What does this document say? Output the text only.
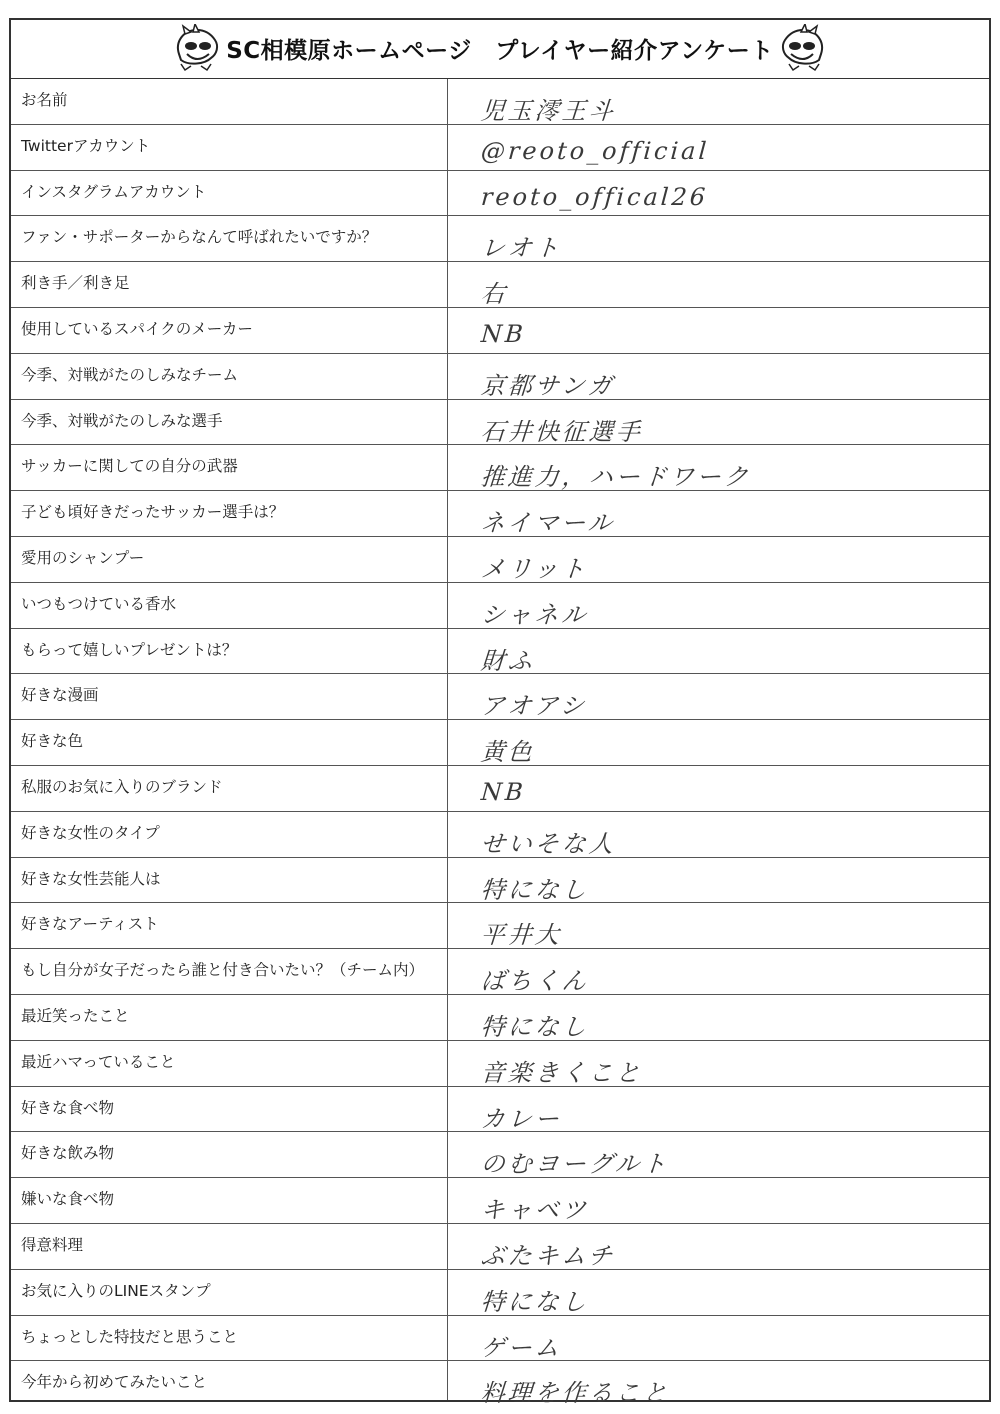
SC相模原ホームページ　プレイヤー紹介アンケート
お名前	児玉澪王斗
Twitterアカウント	@reoto_official
インスタグラムアカウント	reoto_offical26
ファン・サポーターからなんて呼ばれたいですか？	レオト
利き手／利き足	右
使用しているスパイクのメーカー	NB
今季、対戦がたのしみなチーム	京都サンガ
今季、対戦がたのしみな選手	石井快征選手
サッカーに関しての自分の武器	推進力，ハードワーク
子ども頃好きだったサッカー選手は？	ネイマール
愛用のシャンプー	メリット
いつもつけている香水	シャネル
もらって嬉しいプレゼントは？	財ふ
好きな漫画	アオアシ
好きな色	黄色
私服のお気に入りのブランド	NB
好きな女性のタイプ	せいそな人
好きな女性芸能人は	特になし
好きなアーティスト	平井大
もし自分が女子だったら誰と付き合いたい？（チーム内） ばちくん
最近笑ったこと	特になし
最近ハマっていること	音楽きくこと
好きな食べ物	カレー
好きな飲み物	のむヨーグルト
嫌いな食べ物	キャベツ
得意料理	ぶたキムチ
お気に入りのLINEスタンプ	特になし
ちょっとした特技だと思うこと	ゲーム
今年から初めてみたいこと	料理を作ること
